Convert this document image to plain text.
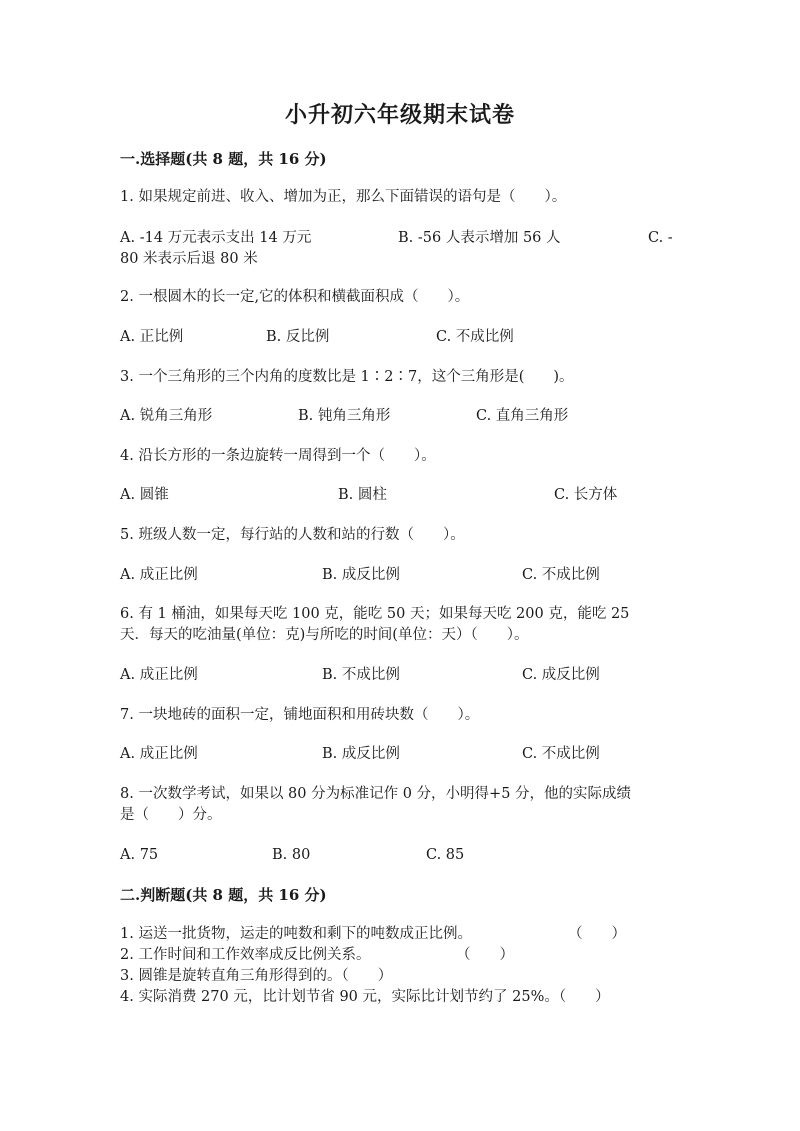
小升初六年级期末试卷
一.选择题(共 8 题，共 16 分)
1. 如果规定前进、收入、增加为正，那么下面错误的语句是（　　）。
A. -14 万元表示支出 14 万元	B. -56 人表示增加 56 人	C. -
80 米表示后退 80 米
2. 一根圆木的长一定,它的体积和横截面积成（　　）。
A. 正比例	B. 反比例	C. 不成比例
3. 一个三角形的三个内角的度数比是 1∶2∶7，这个三角形是(　　)。
A. 锐角三角形	B. 钝角三角形	C. 直角三角形
4. 沿长方形的一条边旋转一周得到一个（　　）。
A. 圆锥	B. 圆柱	C. 长方体
5. 班级人数一定，每行站的人数和站的行数（　　）。
A. 成正比例	B. 成反比例	C. 不成比例
6. 有 1 桶油，如果每天吃 100 克，能吃 50 天；如果每天吃 200 克，能吃 25
天．每天的吃油量(单位：克)与所吃的时间(单位：天）（　　）。
A. 成正比例	B. 不成比例	C. 成反比例
7. 一块地砖的面积一定，铺地面积和用砖块数（　　）。
A. 成正比例	B. 成反比例	C. 不成比例
8. 一次数学考试，如果以 80 分为标准记作 0 分，小明得+5 分，他的实际成绩
是（　　）分。
A. 75	B. 80	C. 85
二.判断题(共 8 题，共 16 分)
1. 运送一批货物，运走的吨数和剩下的吨数成正比例。	（　　）
2. 工作时间和工作效率成反比例关系。	（　　）
3. 圆锥是旋转直角三角形得到的。（　　）
4. 实际消费 270 元，比计划节省 90 元，实际比计划节约了 25%。（　　）
